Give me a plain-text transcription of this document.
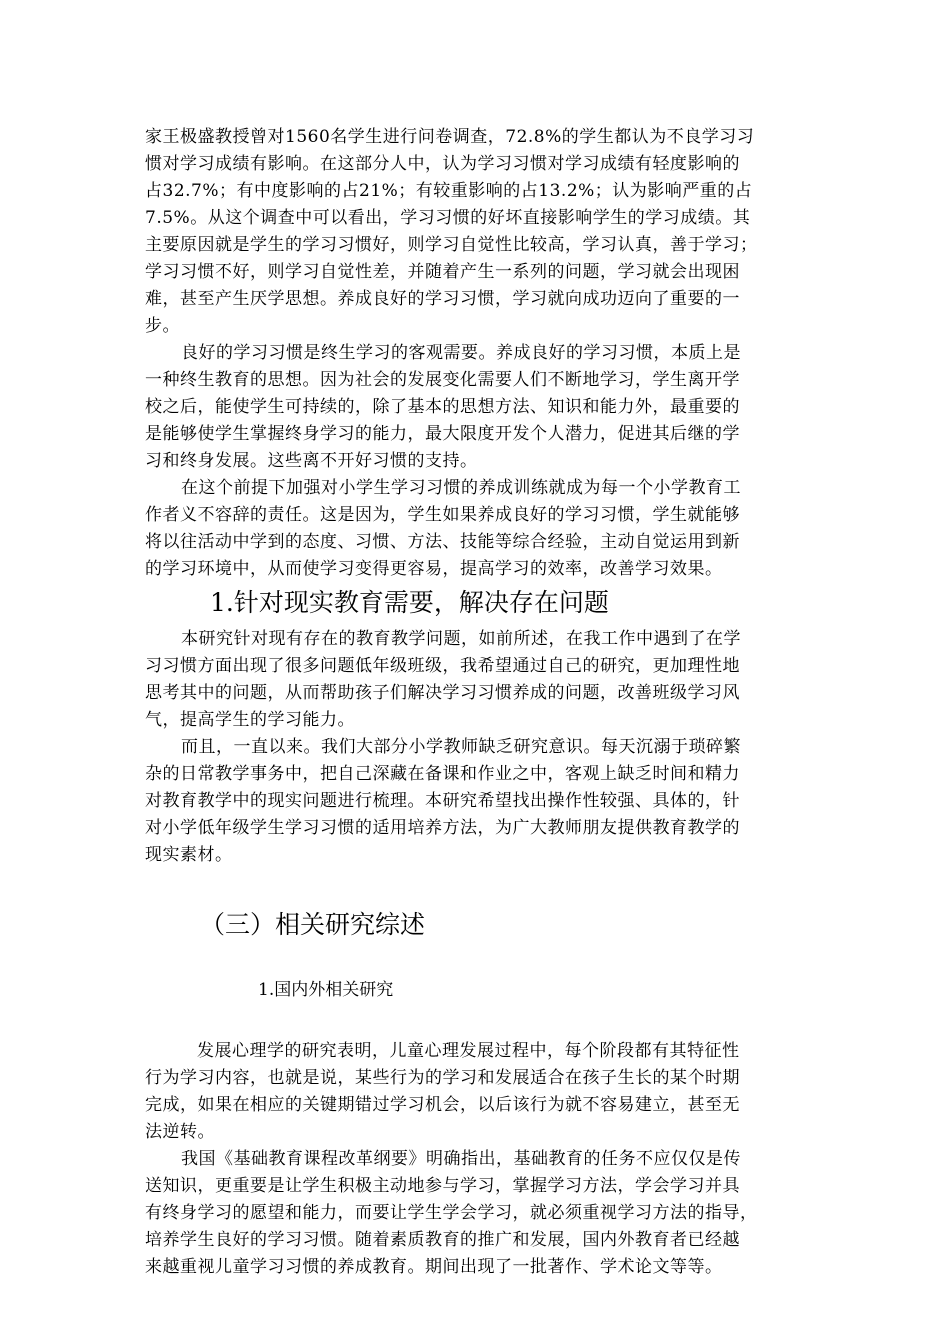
家王极盛教授曾对1560名学生进行问卷调查，72.8%的学生都认为不良学习习
惯对学习成绩有影响。在这部分人中，认为学习习惯对学习成绩有轻度影响的
占32.7%；有中度影响的占21%；有较重影响的占13.2%；认为影响严重的占
7.5%。从这个调查中可以看出，学习习惯的好坏直接影响学生的学习成绩。其
主要原因就是学生的学习习惯好，则学习自觉性比较高，学习认真，善于学习；
学习习惯不好，则学习自觉性差，并随着产生一系列的问题，学习就会出现困
难，甚至产生厌学思想。养成良好的学习习惯，学习就向成功迈向了重要的一
步。
良好的学习习惯是终生学习的客观需要。养成良好的学习习惯，本质上是
一种终生教育的思想。因为社会的发展变化需要人们不断地学习，学生离开学
校之后，能使学生可持续的，除了基本的思想方法、知识和能力外，最重要的
是能够使学生掌握终身学习的能力，最大限度开发个人潜力，促进其后继的学
习和终身发展。这些离不开好习惯的支持。
在这个前提下加强对小学生学习习惯的养成训练就成为每一个小学教育工
作者义不容辞的责任。这是因为，学生如果养成良好的学习习惯，学生就能够
将以往活动中学到的态度、习惯、方法、技能等综合经验，主动自觉运用到新
的学习环境中，从而使学习变得更容易，提高学习的效率，改善学习效果。
1.针对现实教育需要，解决存在问题
本研究针对现有存在的教育教学问题，如前所述，在我工作中遇到了在学
习习惯方面出现了很多问题低年级班级，我希望通过自己的研究，更加理性地
思考其中的问题，从而帮助孩子们解决学习习惯养成的问题，改善班级学习风
气，提高学生的学习能力。
而且，一直以来。我们大部分小学教师缺乏研究意识。每天沉溺于琐碎繁
杂的日常教学事务中，把自己深藏在备课和作业之中，客观上缺乏时间和精力
对教育教学中的现实问题进行梳理。本研究希望找出操作性较强、具体的，针
对小学低年级学生学习习惯的适用培养方法，为广大教师朋友提供教育教学的
现实素材。
（三）相关研究综述
1.国内外相关研究
发展心理学的研究表明，儿童心理发展过程中，每个阶段都有其特征性
行为学习内容，也就是说，某些行为的学习和发展适合在孩子生长的某个时期
完成，如果在相应的关键期错过学习机会，以后该行为就不容易建立，甚至无
法逆转。
我国《基础教育课程改革纲要》明确指出，基础教育的任务不应仅仅是传
送知识，更重要是让学生积极主动地参与学习，掌握学习方法，学会学习并具
有终身学习的愿望和能力，而要让学生学会学习，就必须重视学习方法的指导，
培养学生良好的学习习惯。随着素质教育的推广和发展，国内外教育者已经越
来越重视儿童学习习惯的养成教育。期间出现了一批著作、学术论文等等。
